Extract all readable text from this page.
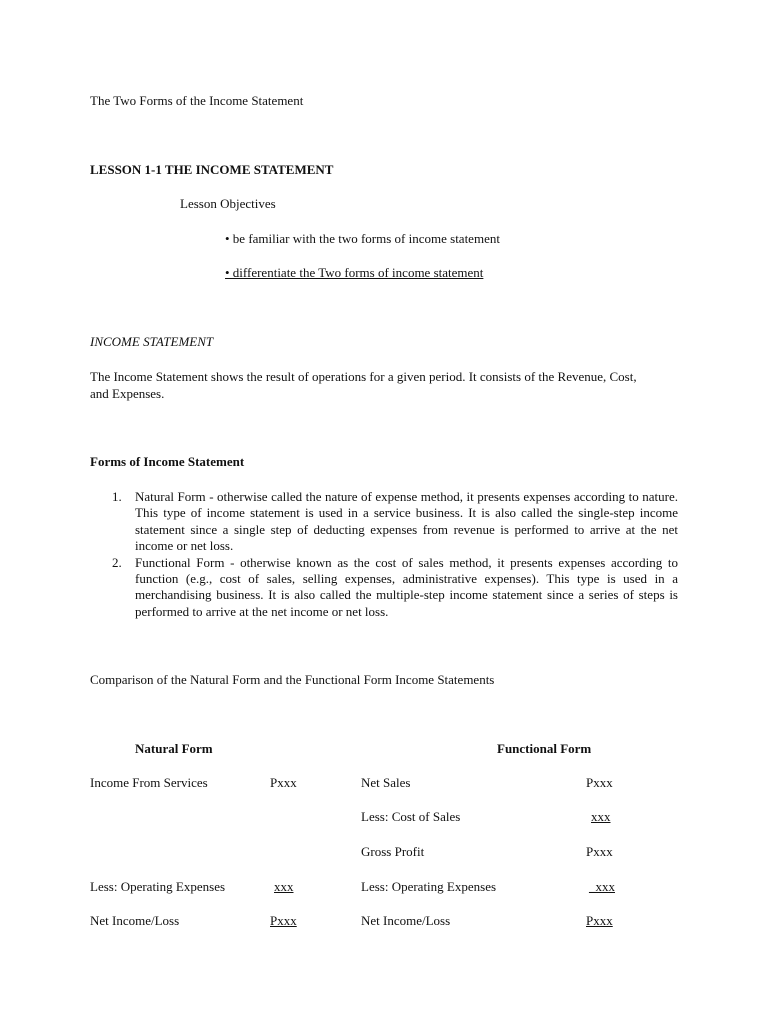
The Two Forms of the Income Statement
LESSON 1-1 THE INCOME STATEMENT
Lesson Objectives
• be familiar with the two forms of income statement
• differentiate the Two forms of income statement
INCOME STATEMENT
The Income Statement shows the result of operations for a given period. It consists of the Revenue, Cost,
and Expenses.
Forms of Income Statement
1. Natural Form - otherwise called the nature of expense method, it presents expenses according to nature. This type of income statement is used in a service business. It is also called the single-step income statement since a single step of deducting expenses from revenue is performed to arrive at the net income or net loss.
2. Functional Form - otherwise known as the cost of sales method, it presents expenses according to function (e.g., cost of sales, selling expenses, administrative expenses). This type is used in a merchandising business. It is also called the multiple-step income statement since a series of steps is performed to arrive at the net income or net loss.
Comparison of the Natural Form and the Functional Form Income Statements
Natural Form
Income From Services	Pxxx
Less: Operating Expenses	xxx
Net Income/Loss	Pxxx
Functional Form
Net Sales	Pxxx
Less: Cost of Sales	xxx
Gross Profit	Pxxx
Less: Operating Expenses	_xxx
Net Income/Loss	Pxxx
